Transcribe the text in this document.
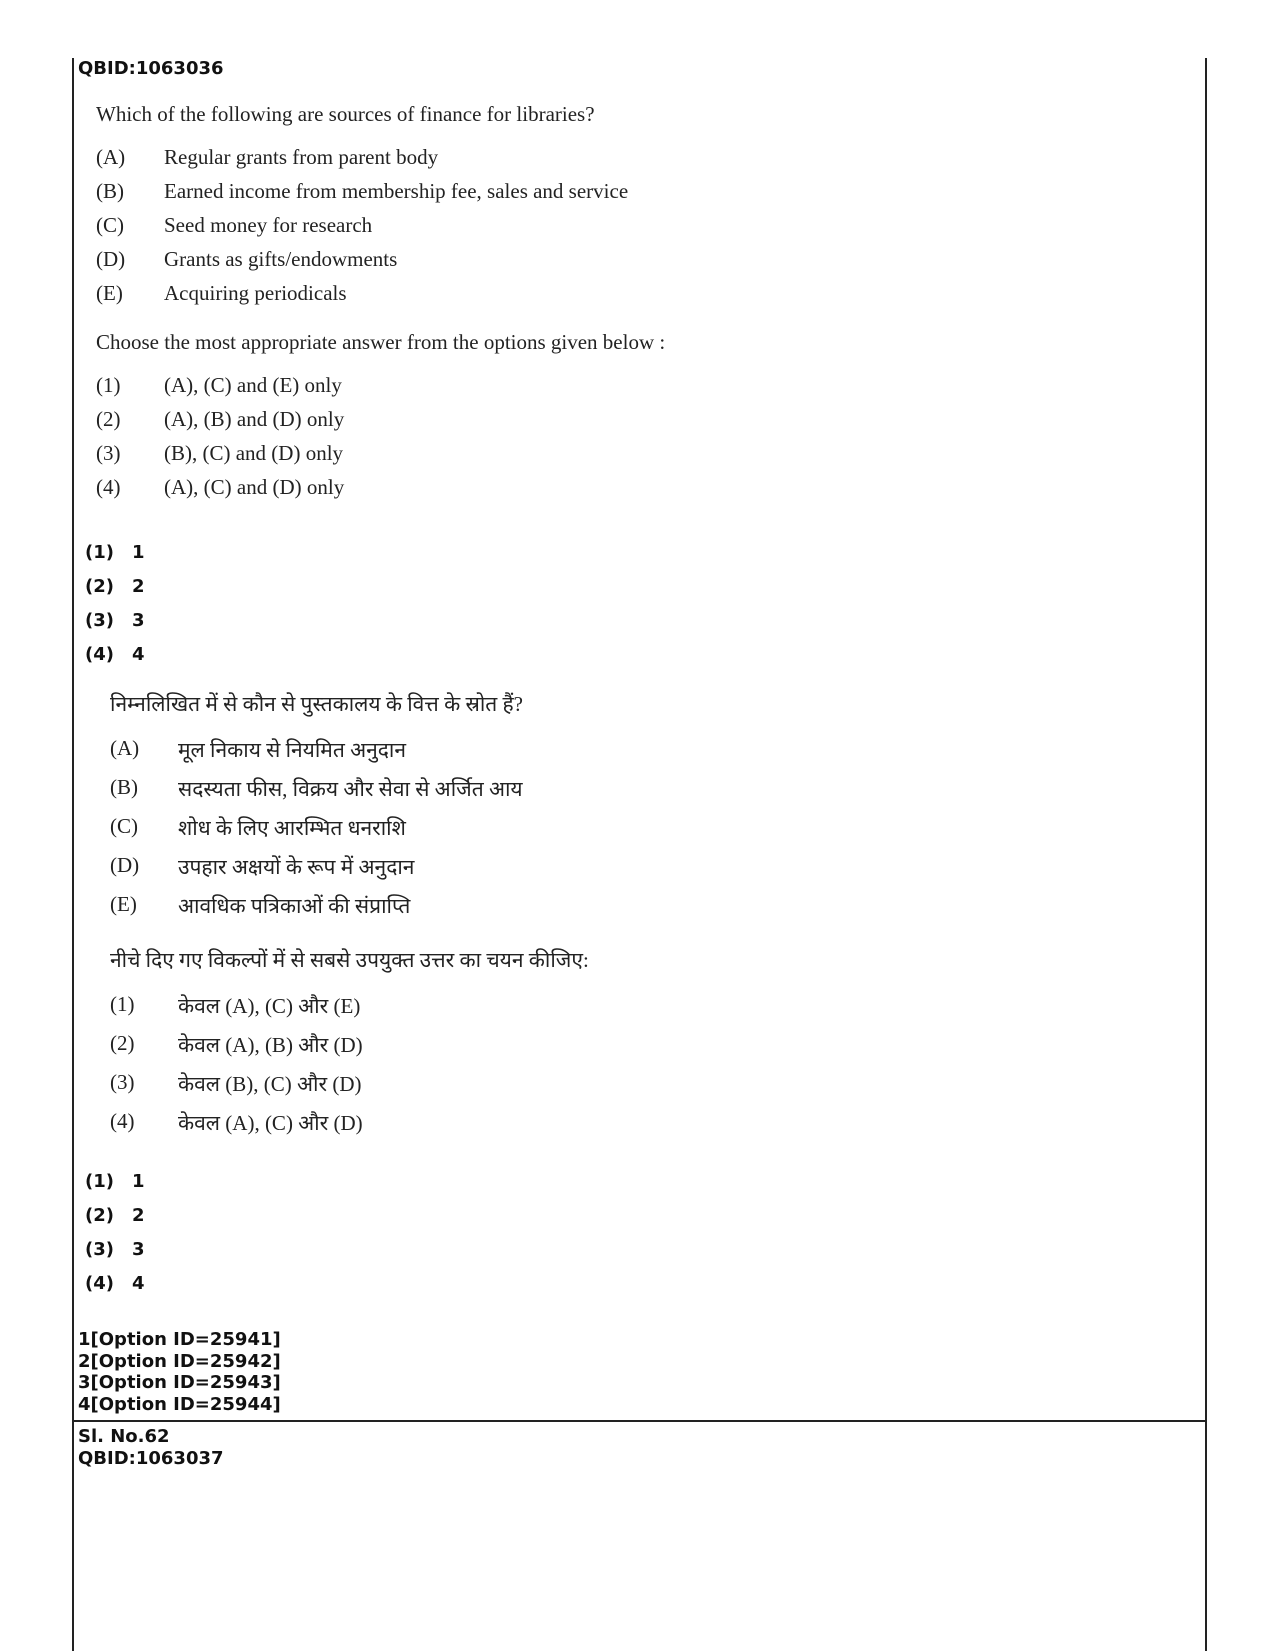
QBID:1063036
Which of the following are sources of finance for libraries?
(A) Regular grants from parent body
(B) Earned income from membership fee, sales and service
(C) Seed money for research
(D) Grants as gifts/endowments
(E) Acquiring periodicals
Choose the most appropriate answer from the options given below :
(1) (A), (C) and (E) only
(2) (A), (B) and (D) only
(3) (B), (C) and (D) only
(4) (A), (C) and (D) only
(1) 1
(2) 2
(3) 3
(4) 4
निम्नलिखित में से कौन से पुस्तकालय के वित्त के स्रोत हैं?
(A) मूल निकाय से नियमित अनुदान
(B) सदस्यता फीस, विक्रय और सेवा से अर्जित आय
(C) शोध के लिए आरम्भित धनराशि
(D) उपहार अक्षयों के रूप में अनुदान
(E) आवधिक पत्रिकाओं की संप्राप्ति
नीचे दिए गए विकल्पों में से सबसे उपयुक्त उत्तर का चयन कीजिए:
(1) केवल (A), (C) और (E)
(2) केवल (A), (B) और (D)
(3) केवल (B), (C) और (D)
(4) केवल (A), (C) और (D)
(1) 1
(2) 2
(3) 3
(4) 4
1[Option ID=25941]
2[Option ID=25942]
3[Option ID=25943]
4[Option ID=25944]
Sl. No.62
QBID:1063037
